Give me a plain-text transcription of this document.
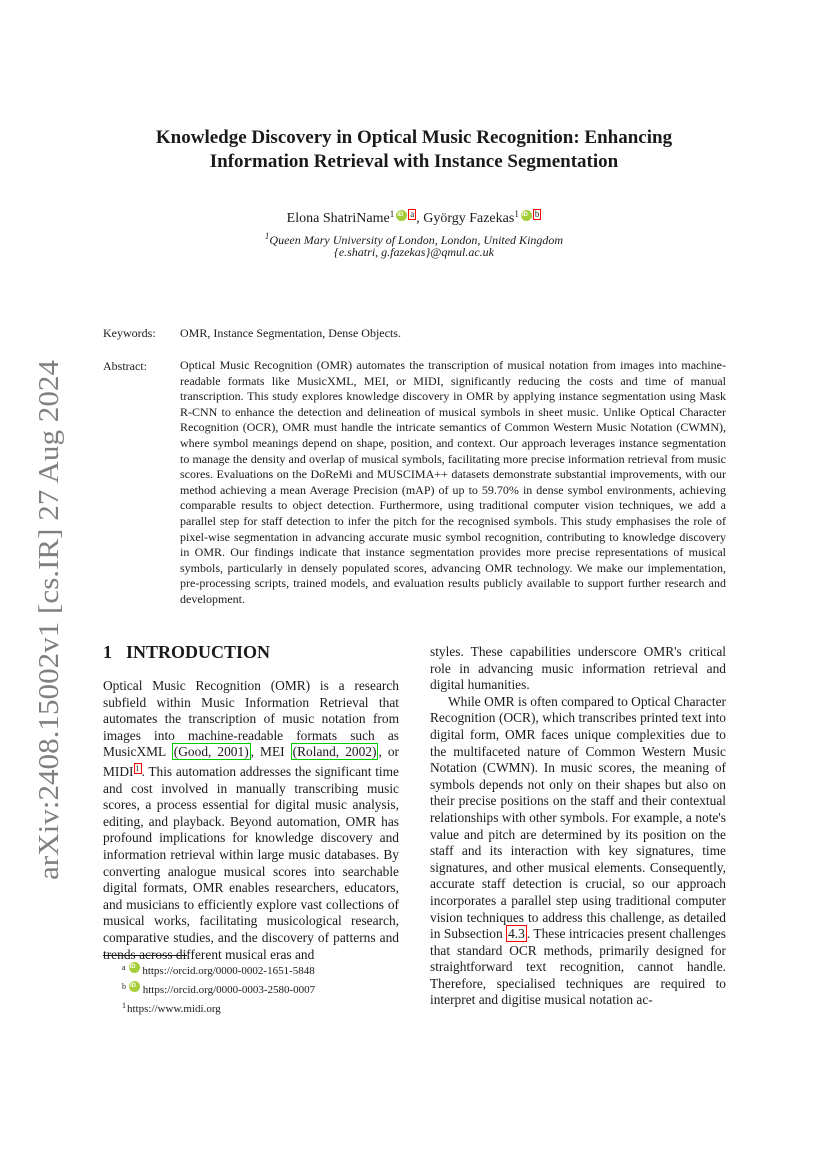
arXiv:2408.15002v1 [cs.IR] 27 Aug 2024
Knowledge Discovery in Optical Music Recognition: Enhancing
Information Retrieval with Instance Segmentation
Elona ShatriName$^1$ iD a , György Fazekas$^1$ iD b
$^1$Queen Mary University of London, London, United Kingdom
{e.shatri, g.fazekas}@qmul.ac.uk
Keywords: OMR, Instance Segmentation, Dense Objects.
Abstract:	Optical Music Recognition (OMR) automates the transcription of musical notation from images into machine-readable formats like MusicXML, MEI, or MIDI, significantly reducing the costs and time of manual transcription. This study explores knowledge discovery in OMR by applying instance segmentation using Mask R-CNN to enhance the detection and delineation of musical symbols in sheet music. Unlike Optical Character Recognition (OCR), OMR must handle the intricate semantics of Common Western Music Notation (CWMN), where symbol meanings depend on shape, position, and context. Our approach leverages instance segmentation to manage the density and overlap of musical symbols, facilitating more precise information retrieval from music scores. Evaluations on the DoReMi and MUSCIMA++ datasets demonstrate substantial improvements, with our method achieving a mean Average Precision (mAP) of up to 59.70% in dense symbol environments, achieving comparable results to object detection. Furthermore, using traditional computer vision techniques, we add a parallel step for staff detection to infer the pitch for the recognised symbols. This study emphasises the role of pixel-wise segmentation in advancing accurate music symbol recognition, contributing to knowledge discovery in OMR. Our findings indicate that instance segmentation provides more precise representations of musical symbols, particularly in densely populated scores, advancing OMR technology. We make our implementation, pre-processing scripts, trained models, and evaluation results publicly available to support further research and development.

1 INTRODUCTION

Optical Music Recognition (OMR) is a research subfield within Music Information Retrieval that automates the transcription of music notation from images into machine-readable formats such as MusicXML (Good, 2001) , MEI (Roland, 2002) , or MIDI $^1$ . This automation addresses the significant time and cost involved in manually transcribing music scores, a process essential for digital music analysis, editing, and playback. Beyond automation, OMR has profound implications for knowledge discovery and information retrieval within large music databases. By converting analogue musical scores into searchable digital formats, OMR enables researchers, educators, and musicians to efficiently explore vast collections of musical works, facilitating musicological research, comparative studies, and the discovery of patterns and trends across different musical eras and

styles. These capabilities underscore OMR's critical role in advancing music information retrieval and digital humanities.

While OMR is often compared to Optical Character Recognition (OCR), which transcribes printed text into digital form, OMR faces unique complexities due to the multifaceted nature of Common Western Music Notation (CWMN). In music scores, the meaning of symbols depends not only on their shapes but also on their precise positions on the staff and their contextual relationships with other symbols. For example, a note's value and pitch are determined by its position on the staff and its interaction with key signatures, time signatures, and other musical elements. Consequently, accurate staff detection is crucial, so our approach incorporates a parallel step using traditional computer vision techniques to address this challenge, as detailed in Subsection 4.3 . These intricacies present challenges that standard OCR methods, primarily designed for straightforward text recognition, cannot handle. Therefore, specialised techniques are required to interpret and digitise musical notation ac-

$^a$ iD https://orcid.org/0000-0002-1651-5848
$^b$ iD https://orcid.org/0000-0003-2580-0007
$^1$https://www.midi.org
